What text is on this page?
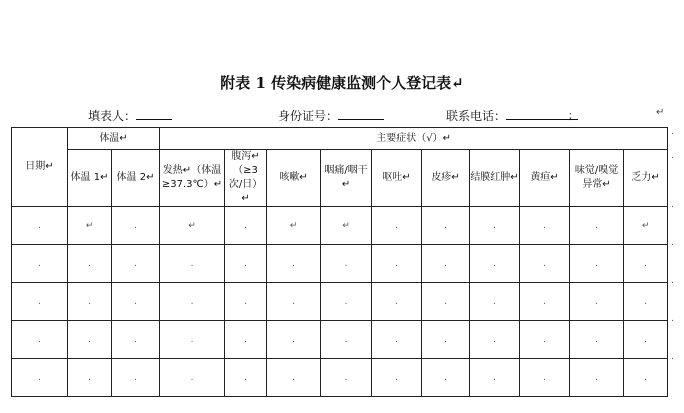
附表 1 传染病健康监测个人登记表↵
填表人：	身份证号：	联系电话：	；	↵
日期↵	体温↵		主要症状（√）↵									
	体温 1↵	体温 2↵	发热↵（体温≥37.3℃）↵	腹泻↵（≥3 次/日）↵	咳嗽↵	咽痛/咽干↵	呕吐↵	皮疹↵	结膜红肿↵	黄疸↵	味觉/嗅觉异常↵	乏力↵
.	↵	.	↵	.	↵	↵	.	.	.	.	.	↵
.	.	.	.	.	.	.	.	.	.	.	.	.
.	.	.	.	.	.	.	.	.	.	.	.	.
.	.	.	.	.	.	.	.	.	.	.	.	.
.	.	.	.	.	.	.	.	.	.	.	.	.
.
.
.
.
.
.
.
